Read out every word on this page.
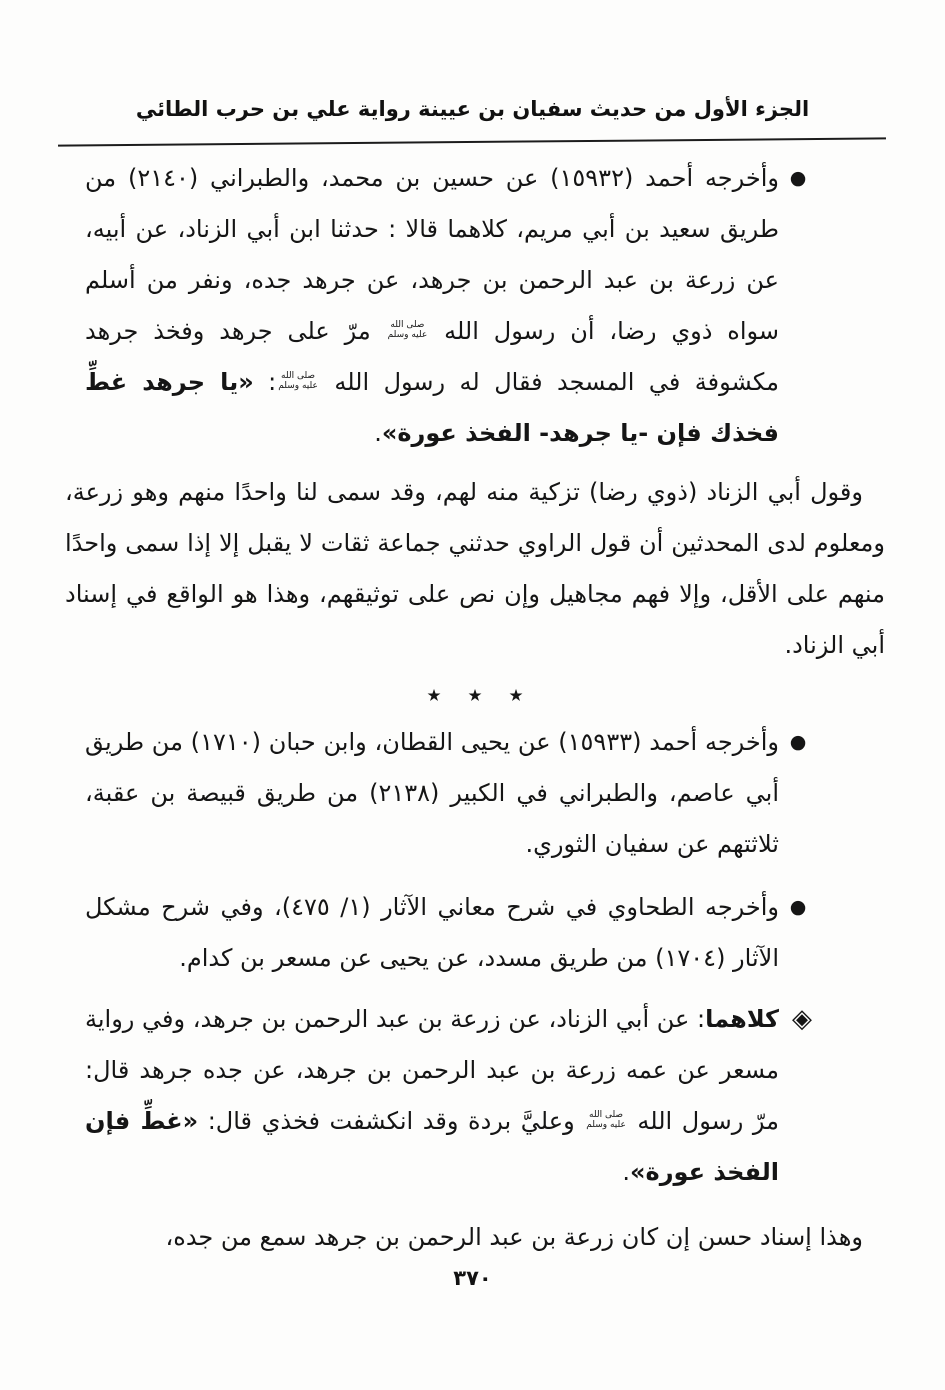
الجزء الأول من حديث سفيان بن عيينة رواية علي بن حرب الطائي

●
وأخرجه أحمد (١٥٩٣٢) عن حسين بن محمد، والطبراني (٢١٤٠) من طريق سعيد بن أبي مريم، كلاهما قالا : حدثنا ابن أبي الزناد، عن أبيه، عن زرعة بن عبد الرحمن بن جرهد، عن جرهد جده، ونفر من أسلم سواه ذوي رضا، أن رسول الله
صلى الله
عليه وسلم
مرّ على جرهد وفخذ جرهد مكشوفة في المسجد فقال له رسول الله
صلى الله
عليه وسلم
: «يا جرهد غطِّ فخذك فإن -يا جرهد- الفخذ عورة».

وقول أبي الزناد (ذوي رضا) تزكية منه لهم، وقد سمى لنا واحدًا منهم وهو زرعة، ومعلوم لدى المحدثين أن قول الراوي حدثني جماعة ثقات لا يقبل إلا إذا سمى واحدًا منهم على الأقل، وإلا فهم مجاهيل وإن نص على توثيقهم، وهذا هو الواقع في إسناد أبي الزناد.

٭ ٭ ٭

●
وأخرجه أحمد (١٥٩٣٣) عن يحيى القطان، وابن حبان (١٧١٠) من طريق أبي عاصم، والطبراني في الكبير (٢١٣٨) من طريق قبيصة بن عقبة، ثلاثتهم عن سفيان الثوري.

●
وأخرجه الطحاوي في شرح معاني الآثار (١/ ٤٧٥)، وفي شرح مشكل الآثار (١٧٠٤) من طريق مسدد، عن يحيى عن مسعر بن كدام.

◈
كلاهما: عن أبي الزناد، عن زرعة بن عبد الرحمن بن جرهد، وفي رواية مسعر عن عمه زرعة بن عبد الرحمن بن جرهد، عن جده جرهد قال: مرّ رسول الله
صلى الله
عليه وسلم
وعليَّ بردة وقد انكشفت فخذي قال: «غطِّ فإن الفخذ عورة».

وهذا إسناد حسن إن كان زرعة بن عبد الرحمن بن جرهد سمع من جده،

٣٧٠
